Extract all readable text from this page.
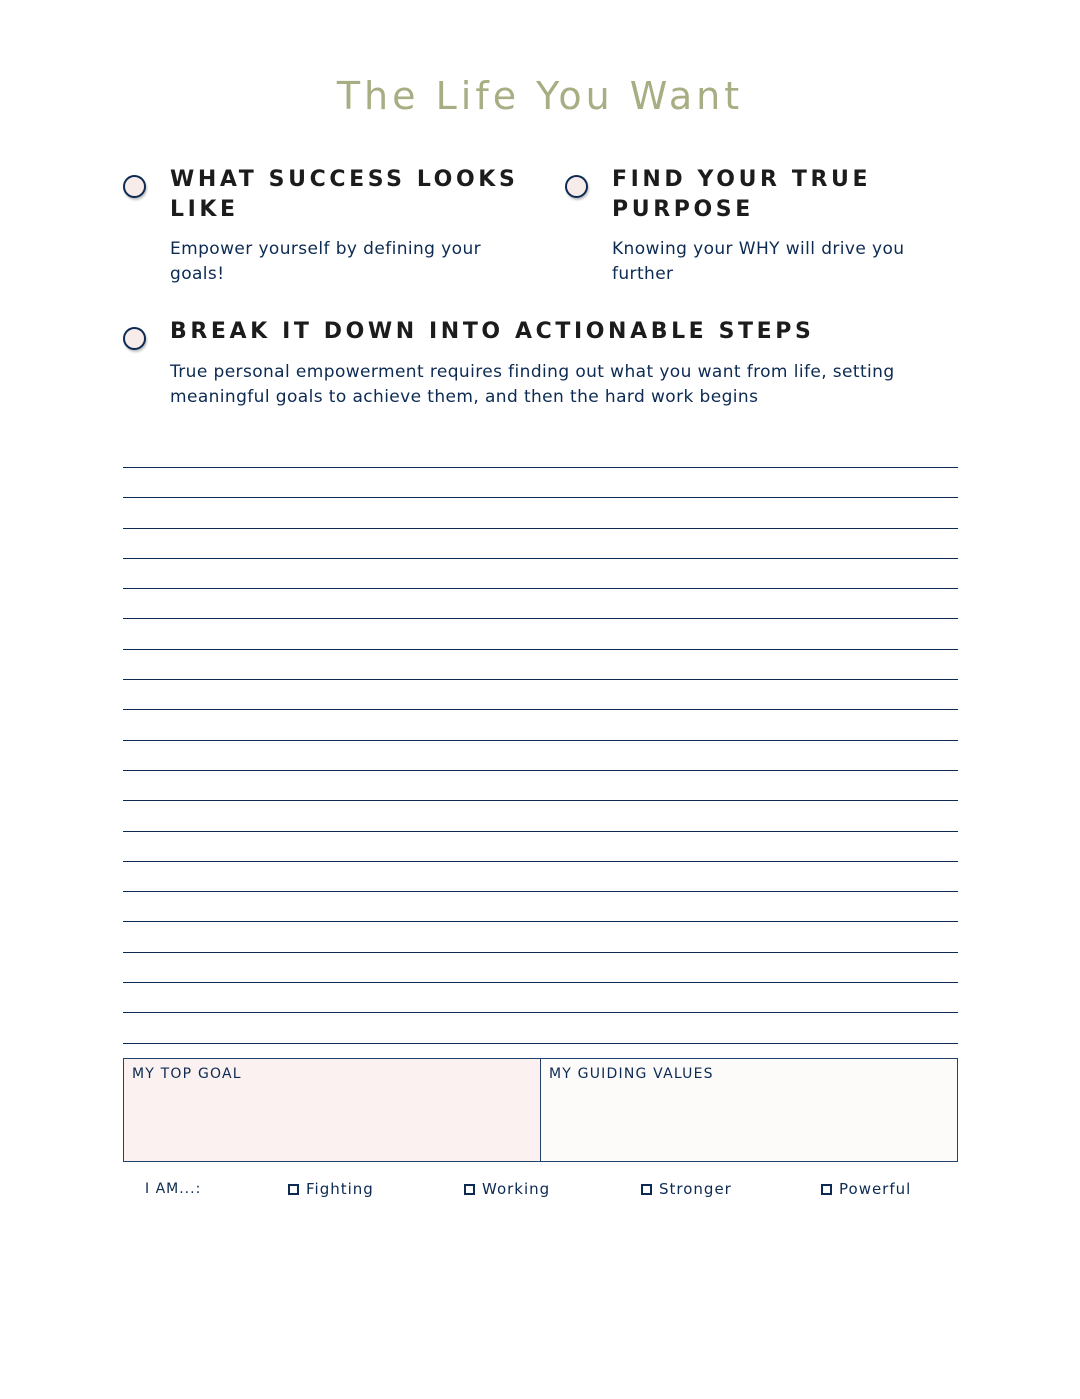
The Life You Want
WHAT SUCCESS LOOKS
LIKE

Empower yourself by defining your
goals!

FIND YOUR TRUE
PURPOSE

Knowing your WHY will drive you
further

BREAK IT DOWN INTO ACTIONABLE STEPS

True personal empowerment requires finding out what you want from life, setting
meaningful goals to achieve them, and then the hard work begins

MY TOP GOAL	MY GUIDING VALUES
I AM...:	Fighting	Working	Stronger	Powerful
